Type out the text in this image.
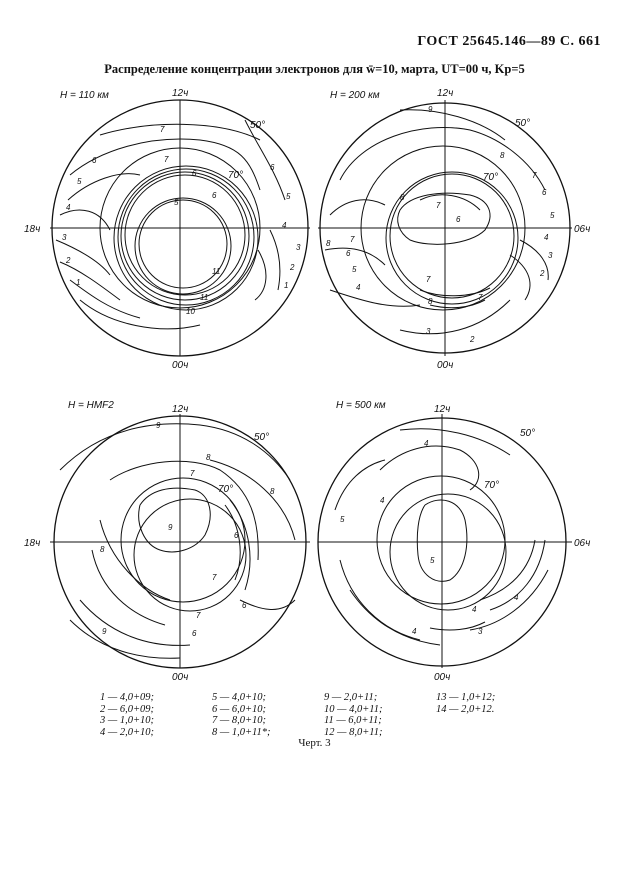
ГОСТ 25645.146—89 С. 661
Распределение концентрации электронов для w̄=10, марта, UT=00 ч, Kp=5
H = 110 км	12ч
00ч
18ч
50°
70°
H = 200 км	12ч
00ч
06ч
50°
70°
H = HMF2	12ч
00ч
18ч
50°
70°
H = 500 км	12ч
00ч
06ч
50°
70°
7
6
5
4
3
2
1
7
6
5
6
11
11
10
6
5
4
3
2
1
9
8
7
6
5
4
3
2
8
7
6
8 7
6
5
4
7
8	7
3
2
9
8
7
9
8
6
8
7
6
7
6
9
4
5
4
5
4
4
4	3
1 — 4,0+09;	5 — 4,0+10;	9 — 2,0+11;	13 — 1,0+12;
2 — 6,0+09;	6 — 6,0+10;	10 — 4,0+11;	14 — 2,0+12.
3 — 1,0+10;	7 — 8,0+10;	11 — 6,0+11;
4 — 2,0+10;	8 — 1,0+11*;	12 — 8,0+11;
Черт. 3
